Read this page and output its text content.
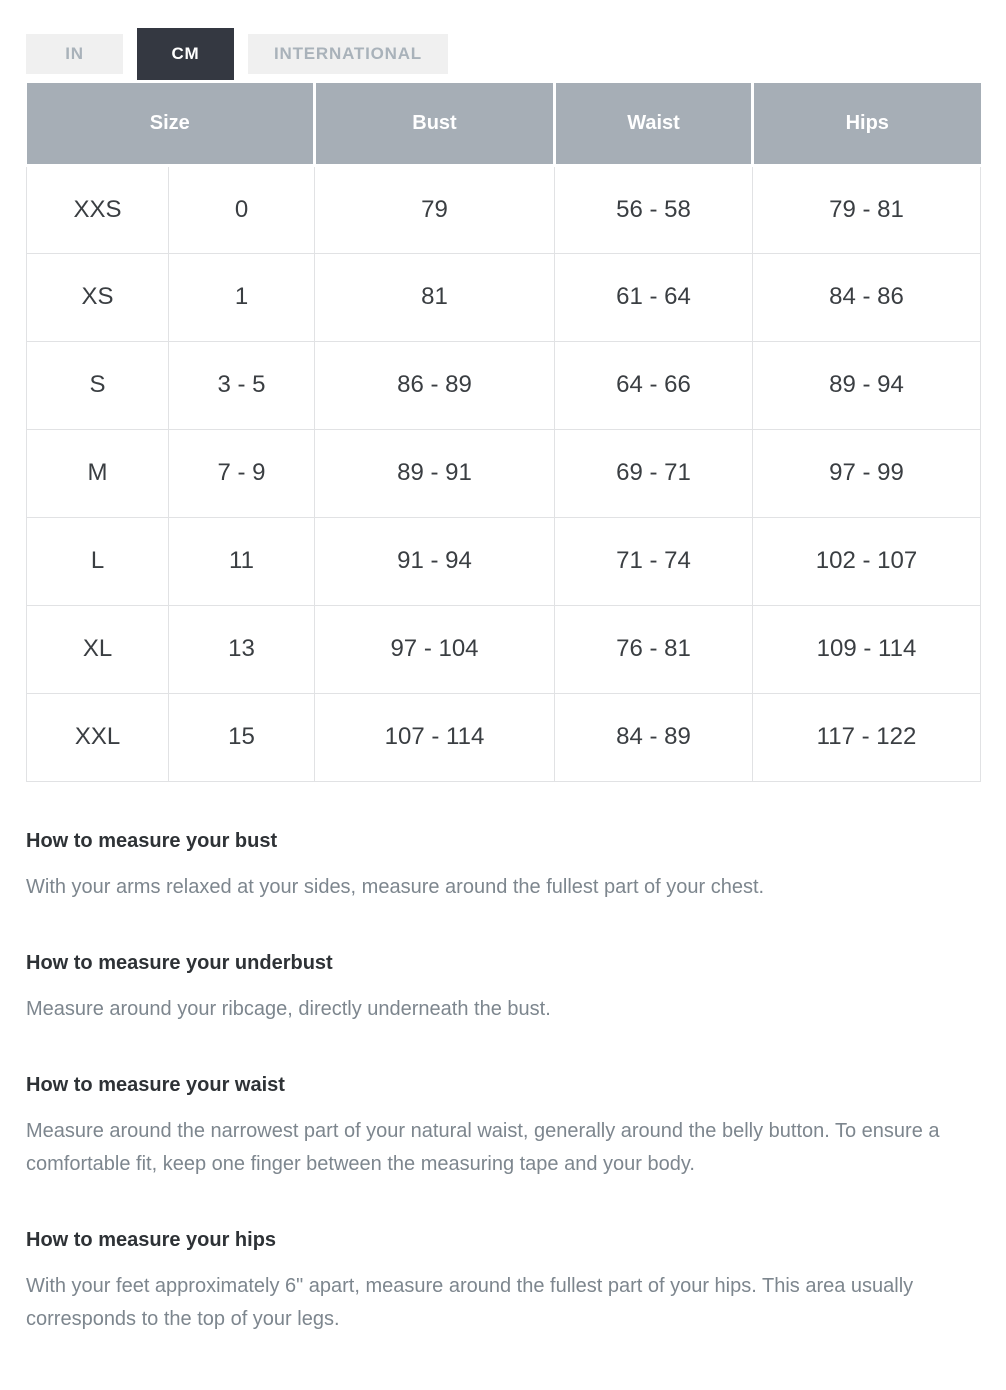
IN	CM	INTERNATIONAL
Size		Bust	Waist	Hips
XXS	0	79	56 - 58	79 - 81
XS	1	81	61 - 64	84 - 86
S	3 - 5	86 - 89	64 - 66	89 - 94
M	7 - 9	89 - 91	69 - 71	97 - 99
L	11	91 - 94	71 - 74	102 - 107
XL	13	97 - 104	76 - 81	109 - 114
XXL	15	107 - 114	84 - 89	117 - 122
How to measure your bust

With your arms relaxed at your sides, measure around the fullest part of your chest.

How to measure your underbust

Measure around your ribcage, directly underneath the bust.

How to measure your waist

Measure around the narrowest part of your natural waist, generally around the belly button. To ensure a comfortable fit, keep one finger between the measuring tape and your body.

How to measure your hips

With your feet approximately 6" apart, measure around the fullest part of your hips. This area usually corresponds to the top of your legs.
